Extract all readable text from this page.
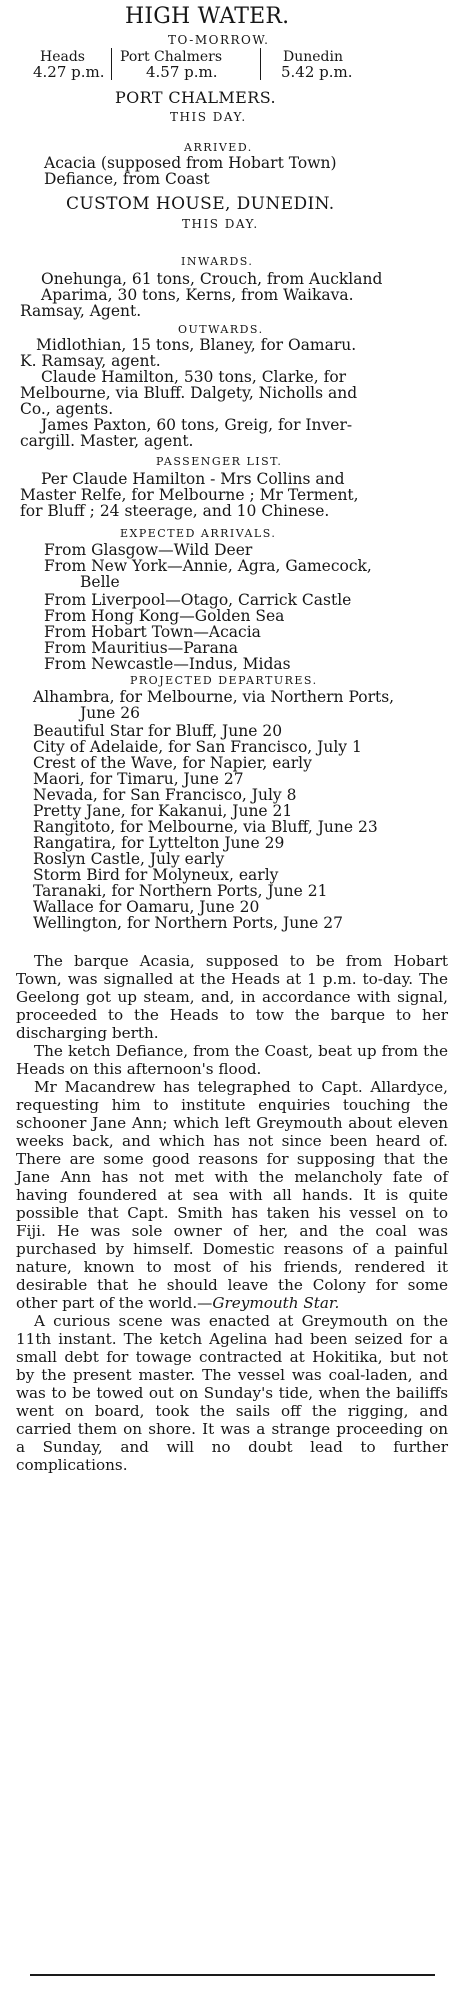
HIGH WATER.
TO-MORROW.
Heads
4.27 p.m.
Port Chalmers
4.57 p.m.
Dunedin
5.42 p.m.
PORT CHALMERS.
THIS DAY.
ARRIVED.
Acacia (supposed from Hobart Town)
Defiance, from Coast
CUSTOM HOUSE, DUNEDIN.
THIS DAY.
INWARDS.
Onehunga, 61 tons, Crouch, from Auckland
Aparima, 30 tons, Kerns, from Waikava.
Ramsay, Agent.
OUTWARDS.
Midlothian, 15 tons, Blaney, for Oamaru.
K. Ramsay, agent.
Claude Hamilton, 530 tons, Clarke, for
Melbourne, via Bluff. Dalgety, Nicholls and
Co., agents.
James Paxton, 60 tons, Greig, for Inver-
cargill. Master, agent.
PASSENGER LIST.
Per Claude Hamilton - Mrs Collins and
Master Relfe, for Melbourne ; Mr Terment,
for Bluff ; 24 steerage, and 10 Chinese.
EXPECTED ARRIVALS.
From Glasgow—Wild Deer
From New York—Annie, Agra, Gamecock,
Belle
From Liverpool—Otago, Carrick Castle
From Hong Kong—Golden Sea
From Hobart Town—Acacia
From Mauritius—Parana
From Newcastle—Indus, Midas
PROJECTED DEPARTURES.
Alhambra, for Melbourne, via Northern Ports,
June 26
Beautiful Star for Bluff, June 20
City of Adelaide, for San Francisco, July 1
Crest of the Wave, for Napier, early
Maori, for Timaru, June 27
Nevada, for San Francisco, July 8
Pretty Jane, for Kakanui, June 21
Rangitoto, for Melbourne, via Bluff, June 23
Rangatira, for Lyttelton June 29
Roslyn Castle, July early
Storm Bird for Molyneux, early
Taranaki, for Northern Ports, June 21
Wallace for Oamaru, June 20
Wellington, for Northern Ports, June 27

The barque Acasia, supposed to be from Hobart Town, was signalled at the Heads at 1 p.m. to-day. The Geelong got up steam, and, in accordance with signal, proceeded to the Heads to tow the barque to her discharging berth.

The ketch Defiance, from the Coast, beat up from the Heads on this afternoon's flood.

Mr Macandrew has telegraphed to Capt. Allardyce, requesting him to institute enquiries touching the schooner Jane Ann; which left Greymouth about eleven weeks back, and which has not since been heard of. There are some good reasons for supposing that the Jane Ann has not met with the melancholy fate of having foundered at sea with all hands. It is quite possible that Capt. Smith has taken his vessel on to Fiji. He was sole owner of her, and the coal was purchased by himself. Domestic reasons of a painful nature, known to most of his friends, rendered it desirable that he should leave the Colony for some other part of the world.—Greymouth Star.

A curious scene was enacted at Greymouth on the 11th instant. The ketch Agelina had been seized for a small debt for towage contracted at Hokitika, but not by the present master. The vessel was coal-laden, and was to be towed out on Sunday's tide, when the bailiffs went on board, took the sails off the rigging, and carried them on shore. It was a strange proceeding on a Sunday, and will no doubt lead to further complications.
